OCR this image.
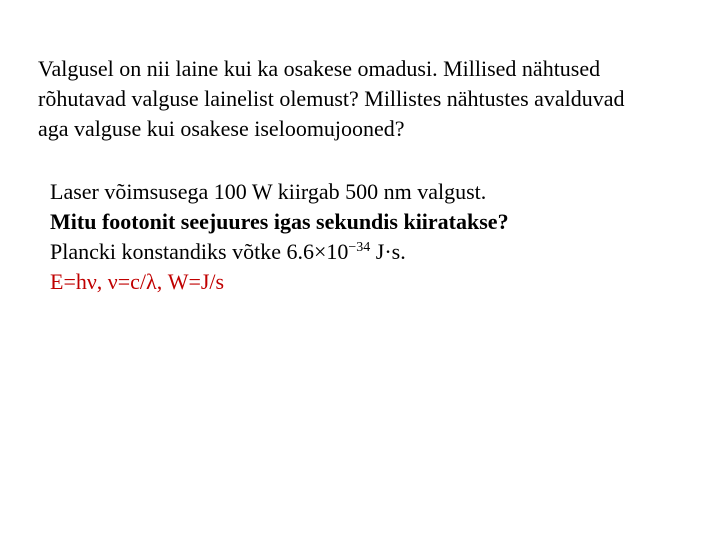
Valgusel on nii laine kui ka osakese omadusi. Millised nähtused
rõhutavad valguse lainelist olemust? Millistes nähtustes avalduvad
aga valguse kui osakese iseloomujooned?
Laser võimsusega 100 W kiirgab 500 nm valgust.
Mitu footonit seejuures igas sekundis kiiratakse?
Plancki konstandiks võtke $6.6\times 10^{-34}$ J·s.
E=hν, ν=c/λ, W=J/s
